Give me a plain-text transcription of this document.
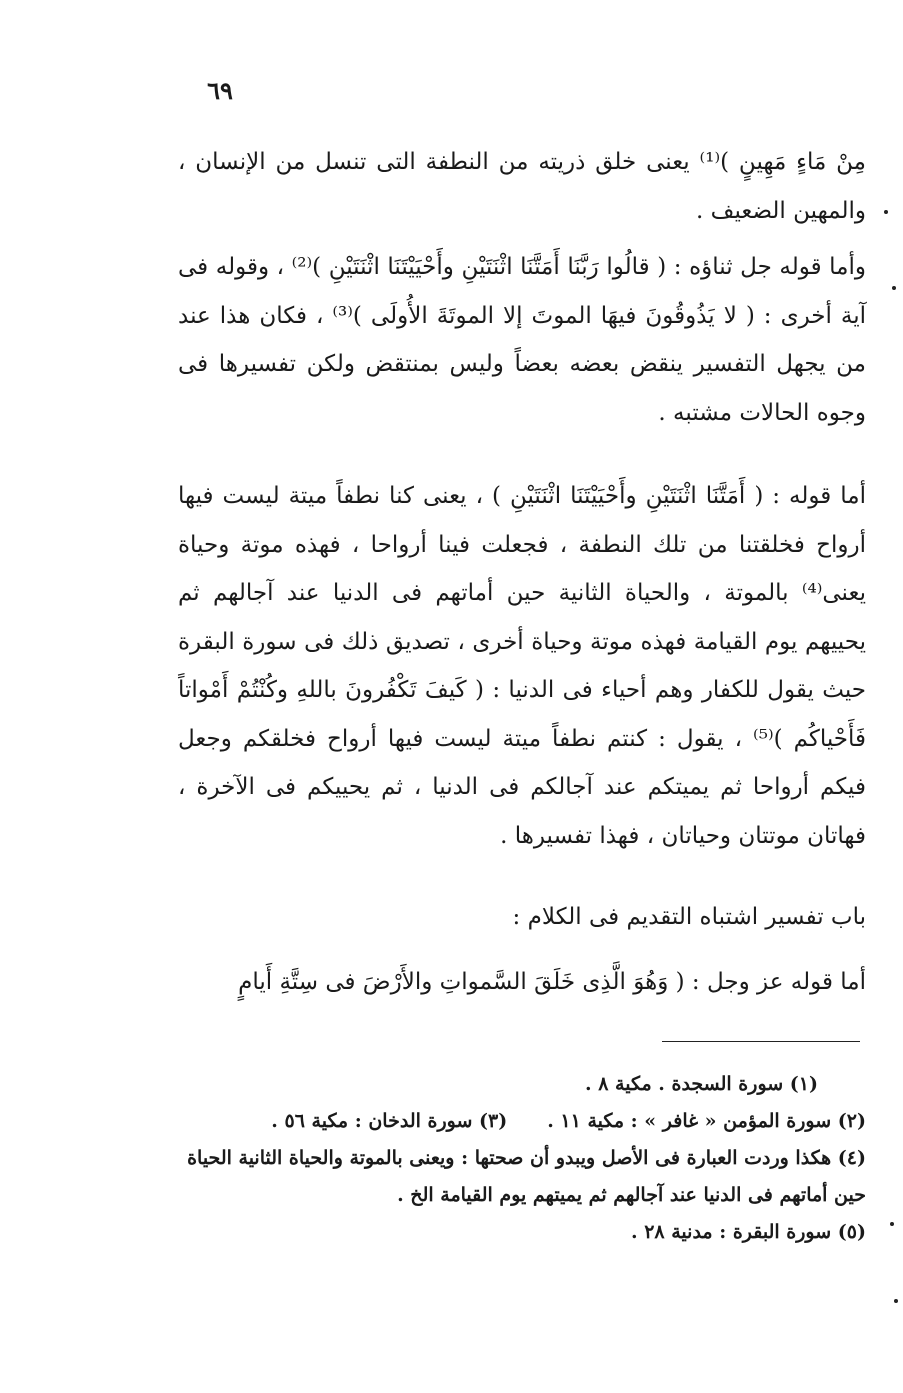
٦٩

مِنْ مَاءٍ مَهِينٍ )⁽¹⁾ يعنى خلق ذريته من النطفة التى تنسل من الإنسان ، والمهين الضعيف .

وأما قوله جل ثناؤه : ( قالُوا رَبَّنَا أَمَتَّنَا اثْنَتَيْنِ وأَحْيَيْتَنَا اثْنَتَيْنِ )⁽²⁾ ، وقوله فى آية أخرى : ( لا يَذُوقُونَ فيهَا الموتَ إلا الموتَةَ الأُولَى )⁽³⁾ ، فكان هذا عند من يجهل التفسير ينقض بعضه بعضاً وليس بمنتقض ولكن تفسيرها فى وجوه الحالات مشتبه .

أما قوله : ( أَمَتَّنَا اثْنَتَيْنِ وأَحْيَيْتَنَا اثْنَتَيْنِ ) ، يعنى كنا نطفاً ميتة ليست فيها أرواح فخلقتنا من تلك النطفة ، فجعلت فينا أرواحا ، فهذه موتة وحياة يعنى⁽⁴⁾ بالموتة ، والحياة الثانية حين أماتهم فى الدنيا عند آجالهم ثم يحييهم يوم القيامة فهذه موتة وحياة أخرى ، تصديق ذلك فى سورة البقرة حيث يقول للكفار وهم أحياء فى الدنيا : ( كَيفَ تَكْفُرونَ باللهِ وكُنْتُمْ أَمْواتاً فَأَحْياكُم )⁽⁵⁾ ، يقول : كنتم نطفاً ميتة ليست فيها أرواح فخلقكم وجعل فيكم أرواحا ثم يميتكم عند آجالكم فى الدنيا ، ثم يحييكم فى الآخرة ، فهاتان موتتان وحياتان ، فهذا تفسيرها .

باب تفسير اشتباه التقديم فى الكلام :

أما قوله عز وجل : ( وَهُوَ الَّذِى خَلَقَ السَّمواتِ والأَرْضَ فى سِتَّةِ أَيامٍ

(١) سورة السجدة . مكية ٨ .

(٢) سورة المؤمن « غافر » : مكية ١١ .
(٣) سورة الدخان : مكية ٥٦ .

(٤) هكذا وردت العبارة فى الأصل ويبدو أن صحتها : ويعنى بالموتة والحياة الثانية الحياة حين أماتهم فى الدنيا عند آجالهم ثم يميتهم يوم القيامة الخ .

(٥) سورة البقرة : مدنية ٢٨ .
